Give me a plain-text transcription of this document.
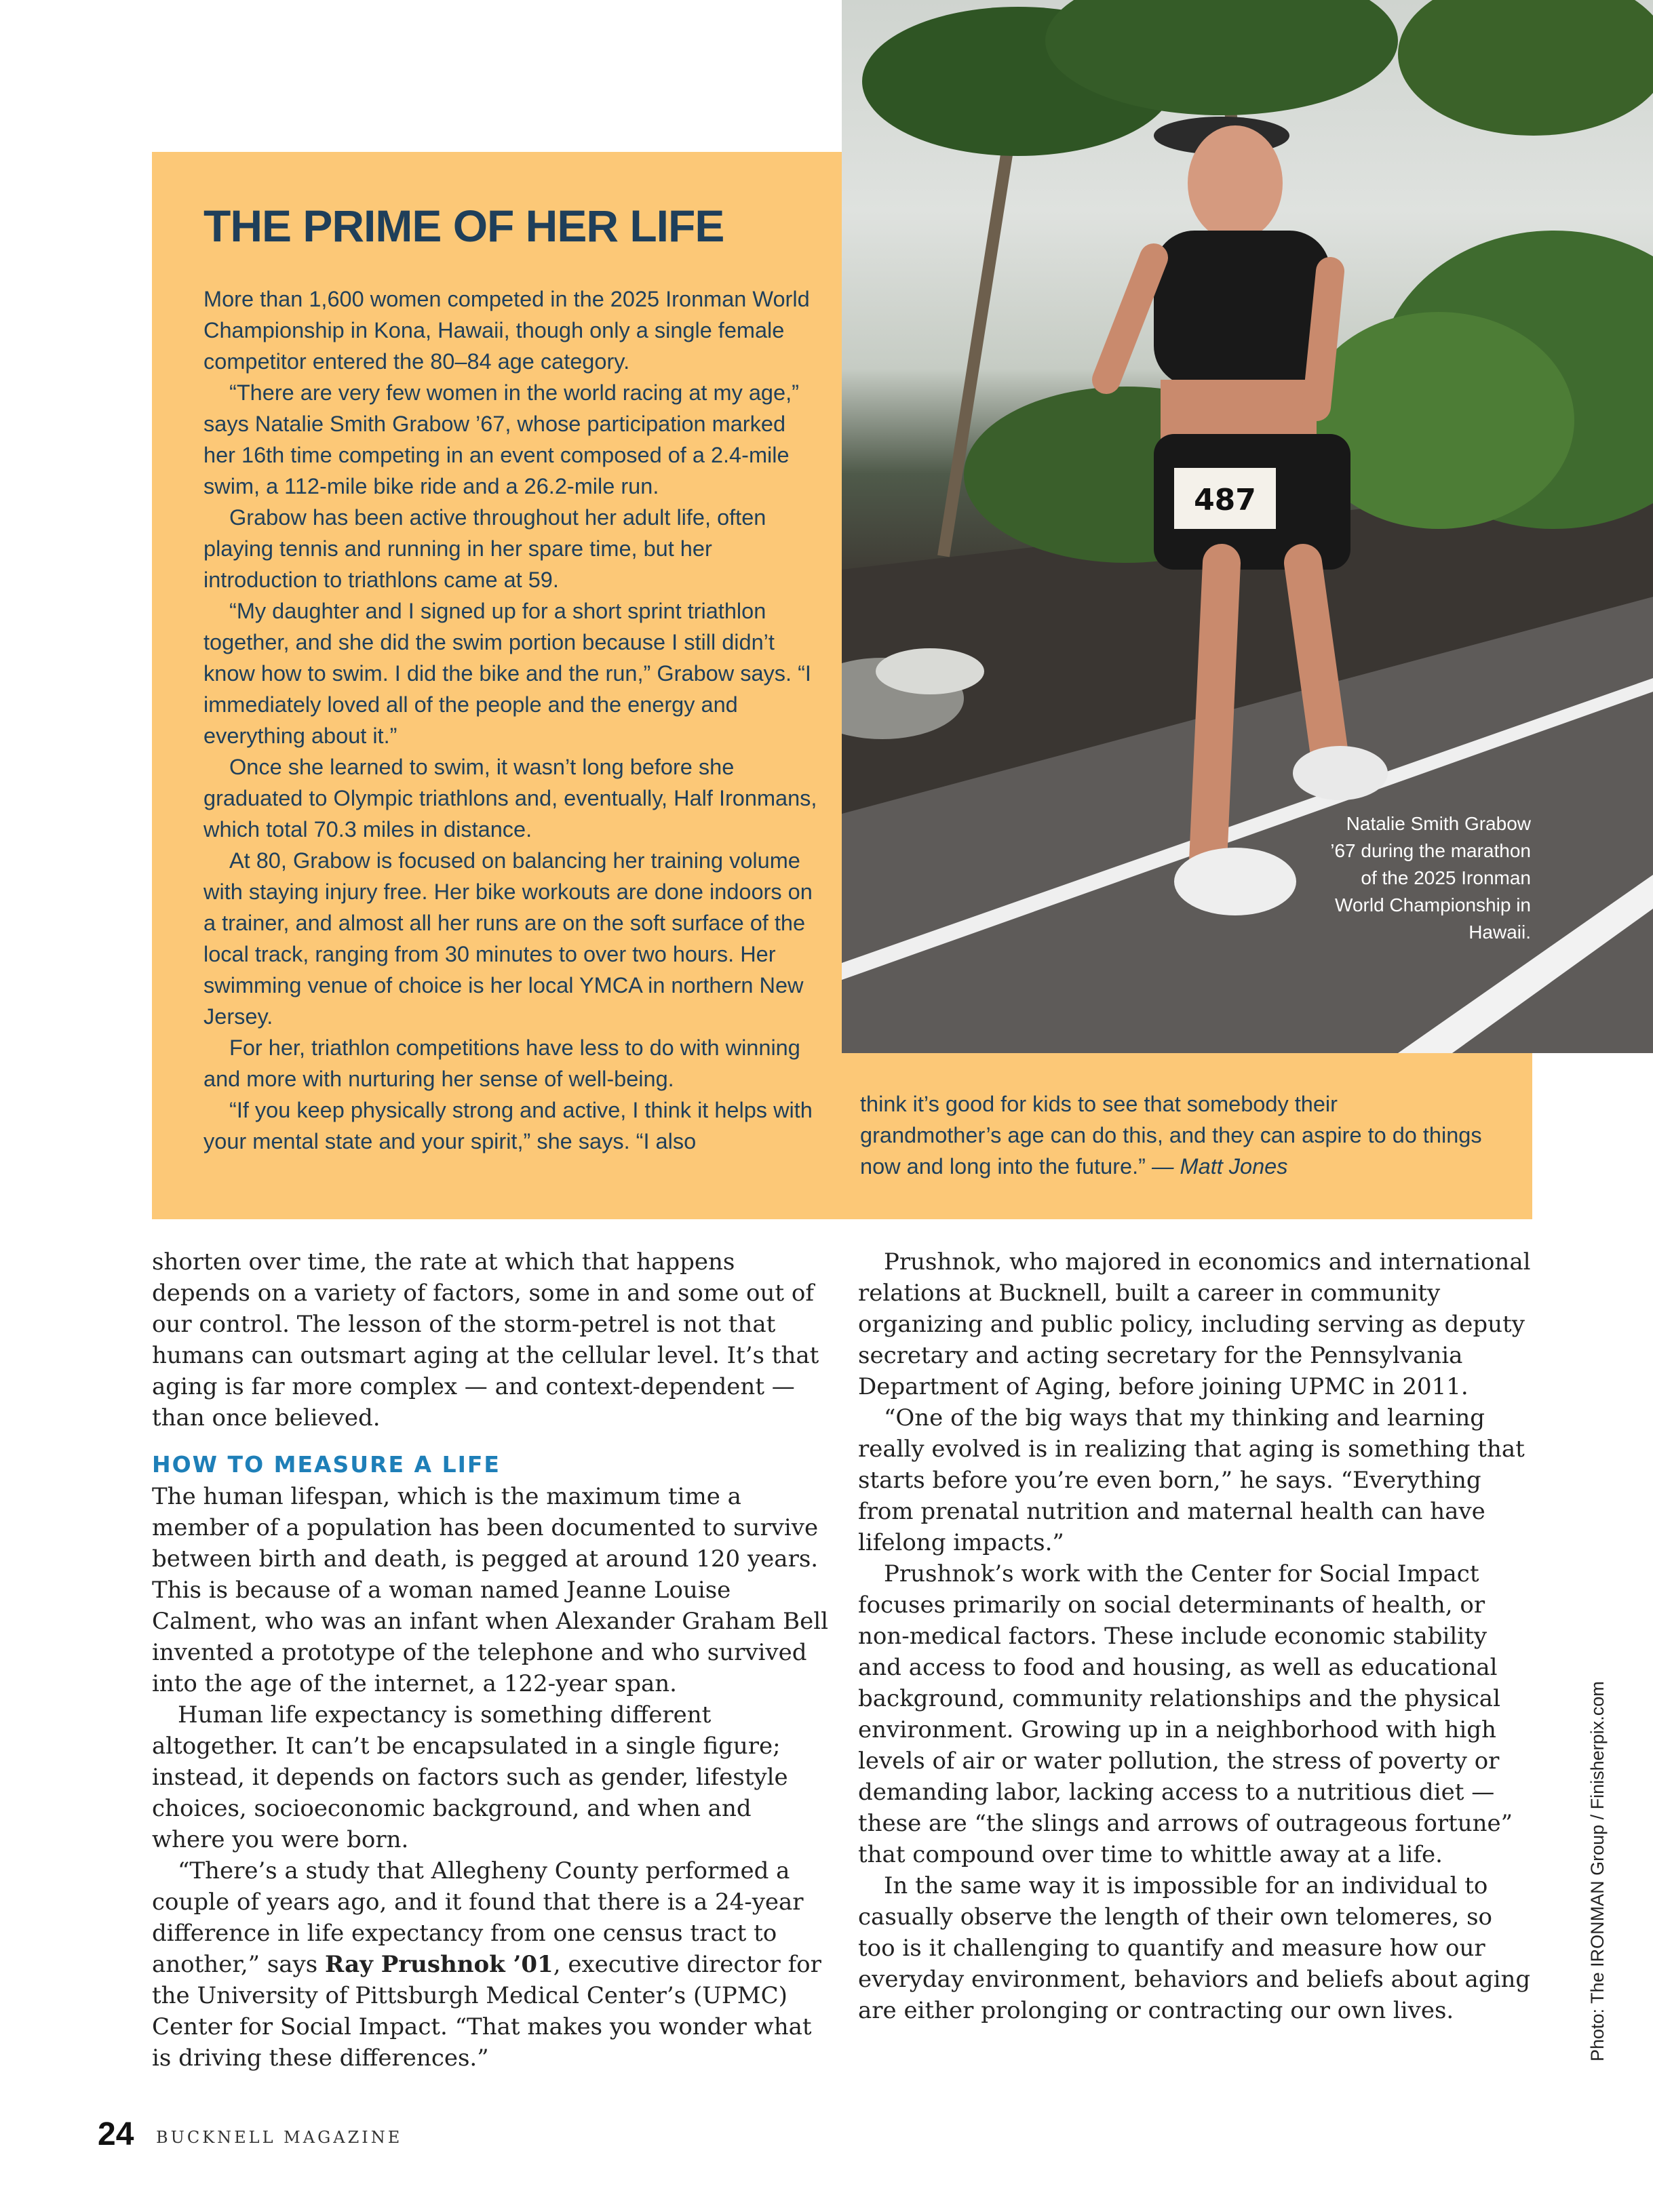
THE PRIME OF HER LIFE

More than 1,600 women competed in the 2025 Ironman World Championship in Kona, Hawaii, though only a single female competitor entered the 80–84 age category.

“There are very few women in the world racing at my age,” says Natalie Smith Grabow ’67, whose participation marked her 16th time competing in an event composed of a 2.4-mile swim, a 112-mile bike ride and a 26.2-mile run.

Grabow has been active throughout her adult life, often playing tennis and running in her spare time, but her introduction to triathlons came at 59.

“My daughter and I signed up for a short sprint triathlon together, and she did the swim portion because I still didn’t know how to swim. I did the bike and the run,” Grabow says. “I immediately loved all of the people and the energy and everything about it.”

Once she learned to swim, it wasn’t long before she graduated to Olympic triathlons and, eventually, Half Ironmans, which total 70.3 miles in distance.

At 80, Grabow is focused on balancing her training volume with staying injury free. Her bike workouts are done indoors on a trainer, and almost all her runs are on the soft surface of the local track, ranging from 30 minutes to over two hours. Her swimming venue of choice is her local YMCA in northern New Jersey.

For her, triathlon competitions have less to do with winning and more with nurturing her sense of well-being.

“If you keep physically strong and active, I think it helps with your mental state and your spirit,” she says. “I also

think it’s good for kids to see that somebody their grandmother’s age can do this, and they can aspire to do things now and long into the future.” — Matt Jones

487
Natalie Smith Grabow ’67 during the marathon of the 2025 Ironman World Championship in Hawaii.

shorten over time, the rate at which that happens depends on a variety of factors, some in and some out of our control. The lesson of the storm-petrel is not that humans can outsmart aging at the cellular level. It’s that aging is far more complex — and context-dependent — than once believed.

HOW TO MEASURE A LIFE

The human lifespan, which is the maximum time a member of a population has been documented to survive between birth and death, is pegged at around 120 years. This is because of a woman named Jeanne Louise Calment, who was an infant when Alexander Graham Bell invented a prototype of the telephone and who survived into the age of the internet, a 122-year span.

Human life expectancy is something different altogether. It can’t be encapsulated in a single figure; instead, it depends on factors such as gender, lifestyle choices, socioeconomic background, and when and where you were born.

“There’s a study that Allegheny County performed a couple of years ago, and it found that there is a 24-year difference in life expectancy from one census tract to another,” says Ray Prushnok ’01, executive director for the University of Pittsburgh Medical Center’s (UPMC) Center for Social Impact. “That makes you wonder what is driving these differences.”

Prushnok, who majored in economics and international relations at Bucknell, built a career in community organizing and public policy, including serving as deputy secretary and acting secretary for the Pennsylvania Department of Aging, before joining UPMC in 2011.

“One of the big ways that my thinking and learning really evolved is in realizing that aging is something that starts before you’re even born,” he says. “Everything from prenatal nutrition and maternal health can have lifelong impacts.”

Prushnok’s work with the Center for Social Impact focuses primarily on social determinants of health, or non-medical factors. These include economic stability and access to food and housing, as well as educational background, community relationships and the physical environment. Growing up in a neighborhood with high levels of air or water pollution, the stress of poverty or demanding labor, lacking access to a nutritious diet — these are “the slings and arrows of outrageous fortune” that compound over time to whittle away at a life.

In the same way it is impossible for an individual to casually observe the length of their own telomeres, so too is it challenging to quantify and measure how our everyday environment, behaviors and beliefs about aging are either prolonging or contracting our own lives.	Photo: The IRONMAN Group / Finisherpix.com
24 BUCKNELL MAGAZINE
